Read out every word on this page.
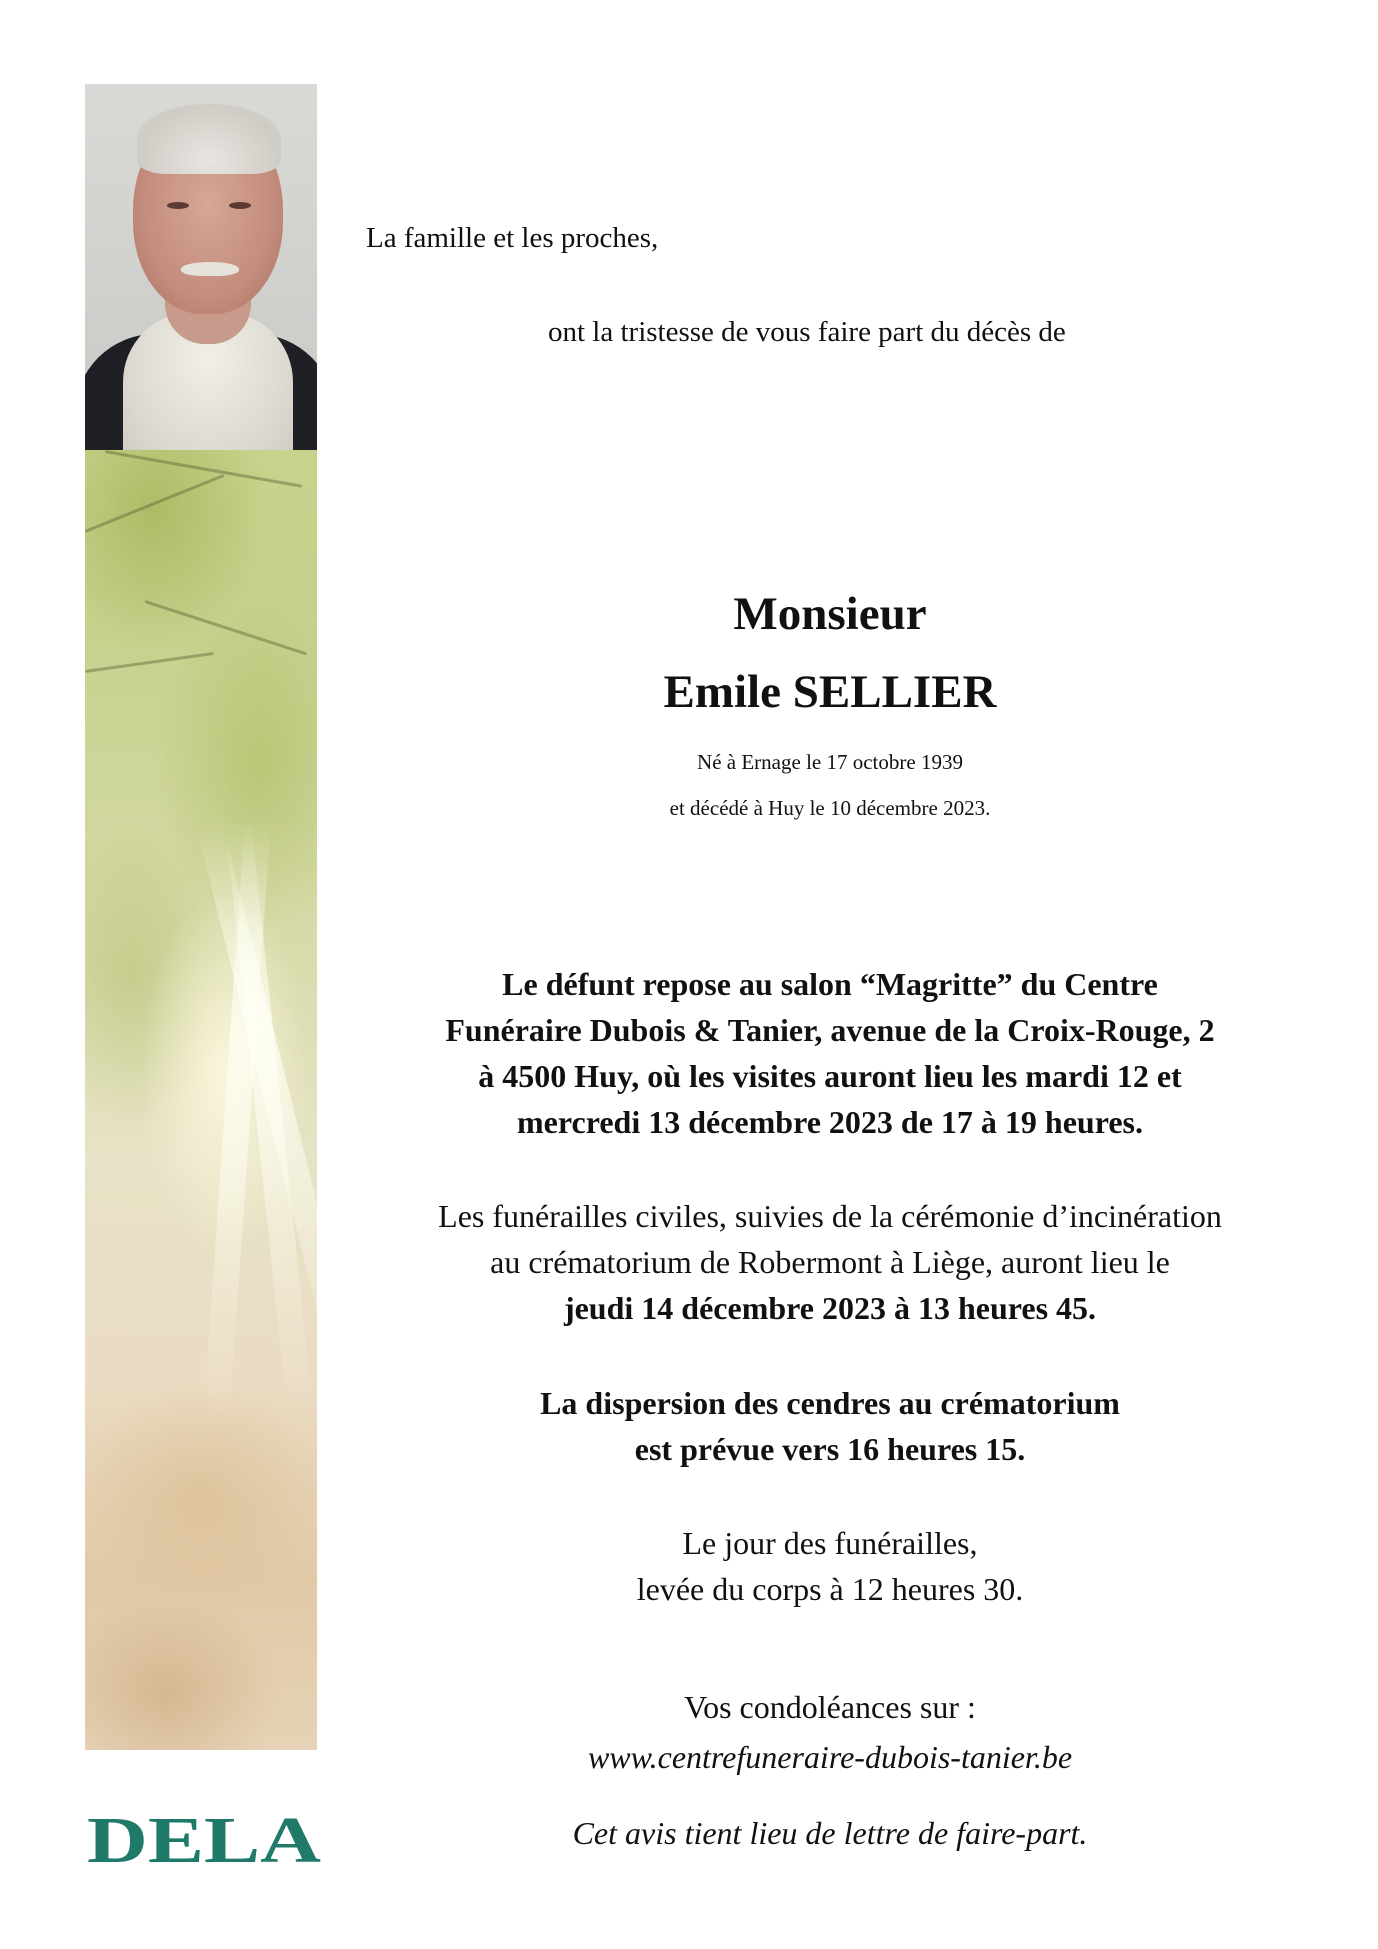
DELA

La famille et les proches,

ont la tristesse de vous faire part du décès de

Monsieur

Emile SELLIER

Né à Ernage le 17 octobre 1939
et décédé à Huy le 10 décembre 2023.

Le défunt repose au salon “Magritte” du Centre
Funéraire Dubois & Tanier, avenue de la Croix-Rouge, 2
à 4500 Huy, où les visites auront lieu les mardi 12 et
mercredi 13 décembre 2023 de 17 à 19 heures.

Les funérailles civiles, suivies de la cérémonie d’incinération
au crématorium de Robermont à Liège, auront lieu le
jeudi 14 décembre 2023 à 13 heures 45.

La dispersion des cendres au crématorium
est prévue vers 16 heures 15.

Le jour des funérailles,
levée du corps à 12 heures 30.

Vos condoléances sur :

www.centrefuneraire-dubois-tanier.be

Cet avis tient lieu de lettre de faire-part.
